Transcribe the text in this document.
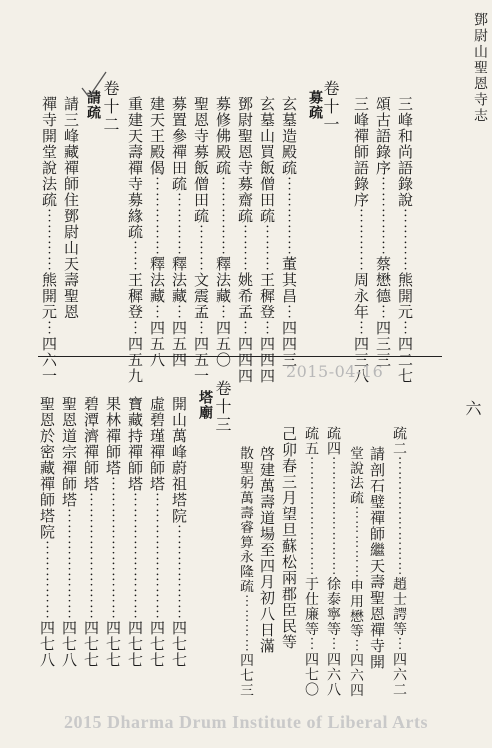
鄧尉山聖恩寺志
三峰和尚語錄說⋯⋯⋯⋯熊開元⋯四二七
頌古語錄序⋯⋯⋯⋯⋯蔡懋德⋯四三三
三峰禪師語錄序⋯⋯⋯⋯周永年⋯四三八
卷十一
募疏
玄墓造殿疏⋯⋯⋯⋯⋯董其昌⋯四四三
玄墓山買飯僧田疏⋯⋯⋯王穉登⋯四四四
鄧尉聖恩寺募齋疏⋯⋯⋯姚希孟⋯四四四
募修佛殿疏⋯⋯⋯⋯⋯釋法藏⋯四五〇
聖恩寺募飯僧田疏⋯⋯⋯文震孟⋯四五一
募置參禪田疏⋯⋯⋯⋯釋法藏⋯四五四
建天王殿偈⋯⋯⋯⋯⋯釋法藏⋯四五八
重建天壽禪寺募緣疏⋯⋯王穉登⋯四五九
卷十二
請疏
請三峰藏禪師住鄧尉山天壽聖恩
禪寺開堂說法疏⋯⋯⋯⋯熊開元⋯四六一	2015-04-16
六
疏二⋯⋯⋯⋯⋯⋯⋯⋯趙士諤等⋯四六二
請剖石璧禪師繼天壽聖恩禪寺開
堂說法疏⋯⋯⋯⋯⋯申用懋等⋯四六四
疏四⋯⋯⋯⋯⋯⋯⋯⋯徐泰寧等⋯四六八
疏五⋯⋯⋯⋯⋯⋯⋯⋯于仕廉等⋯四七〇
己卯春三月望旦蘇松兩郡臣民等
啓建萬壽道場至四月初八日滿
散聖躬萬壽睿算永隆疏⋯⋯⋯⋯四七三
卷十三
塔廟
開山萬峰蔚祖塔院⋯⋯⋯⋯⋯⋯四七七
虛碧瑾禪師塔⋯⋯⋯⋯⋯⋯⋯⋯四七七
寶藏持禪師塔⋯⋯⋯⋯⋯⋯⋯⋯四七七
果林禪師塔⋯⋯⋯⋯⋯⋯⋯⋯⋯四七七
碧潭濟禪師塔⋯⋯⋯⋯⋯⋯⋯⋯四七七
聖恩道宗禪師塔⋯⋯⋯⋯⋯⋯⋯四七八
聖恩於密藏禪師塔院⋯⋯⋯⋯⋯四七八
2015 Dharma Drum Institute of Liberal Arts
